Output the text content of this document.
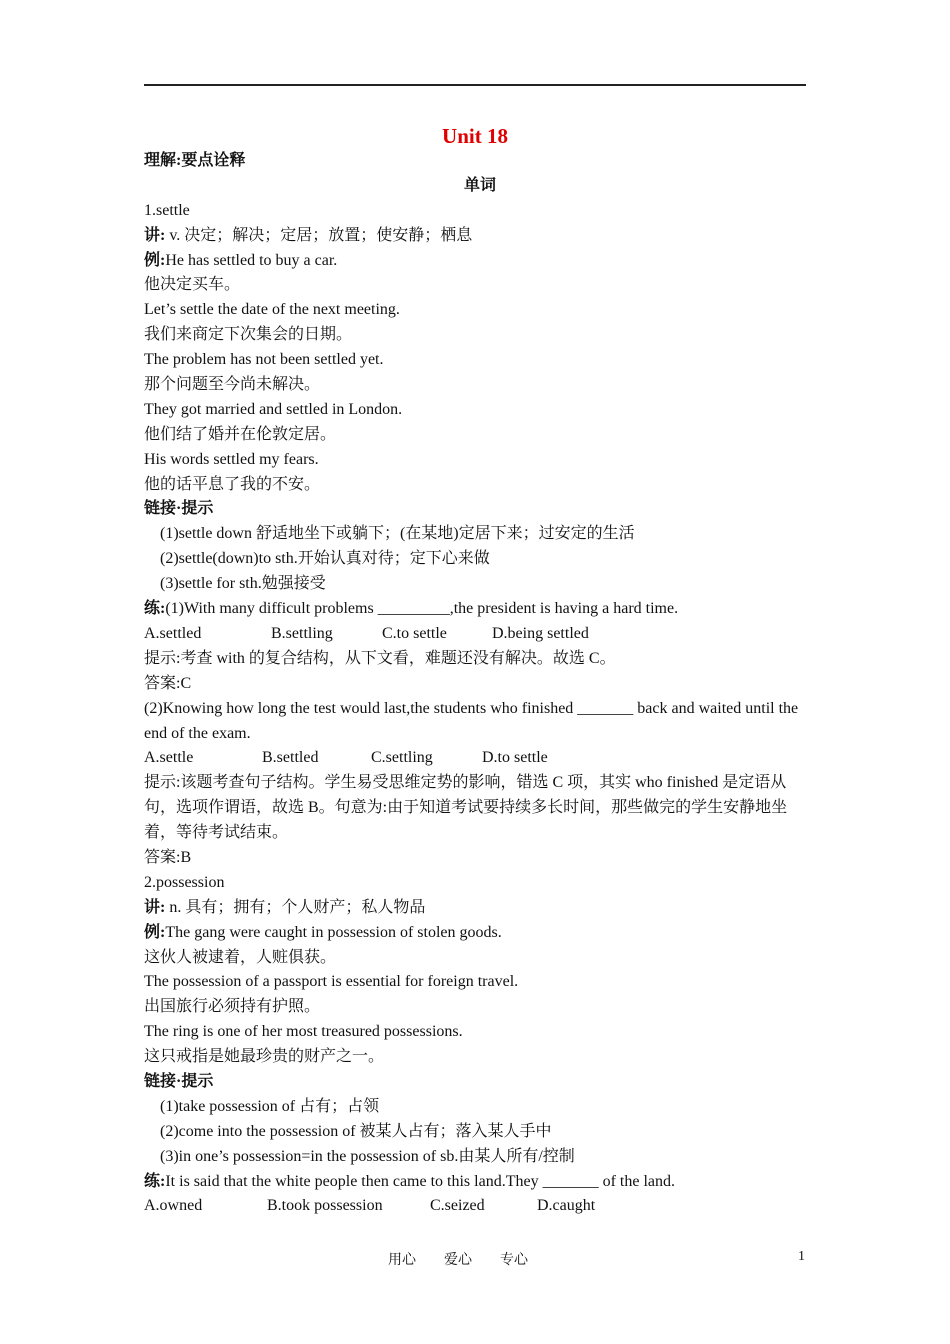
Unit 18
理解:要点诠释
单词
1.settle
讲: v. 决定；解决；定居；放置；使安静；栖息
例:He has settled to buy a car.
他决定买车。
Let’s settle the date of the next meeting.
我们来商定下次集会的日期。
The problem has not been settled yet.
那个问题至今尚未解决。
They got married and settled in London.
他们结了婚并在伦敦定居。
His words settled my fears.
他的话平息了我的不安。
链接·提示
(1)settle down 舒适地坐下或躺下；(在某地)定居下来；过安定的生活
(2)settle(down)to sth.开始认真对待；定下心来做
(3)settle for sth.勉强接受
练:(1)With many difficult problems _________,the president is having a hard time.
A.settled	B.settling	C.to settle	D.being settled
提示:考查 with 的复合结构，从下文看，难题还没有解决。故选 C。
答案:C
(2)Knowing how long the test would last,the students who finished _______ back and waited until the end of the exam.
A.settle	B.settled	C.settling	D.to settle
提示:该题考查句子结构。学生易受思维定势的影响，错选 C 项，其实 who finished 是定语从句，选项作谓语，故选 B。句意为:由于知道考试要持续多长时间，那些做完的学生安静地坐着，等待考试结束。
答案:B
2.possession
讲: n. 具有；拥有；个人财产；私人物品
例:The gang were caught in possession of stolen goods.
这伙人被逮着，人赃俱获。
The possession of a passport is essential for foreign travel.
出国旅行必须持有护照。
The ring is one of her most treasured possessions.
这只戒指是她最珍贵的财产之一。
链接·提示
(1)take possession of 占有；占领
(2)come into the possession of 被某人占有；落入某人手中
(3)in one’s possession=in the possession of sb.由某人所有/控制
练:It is said that the white people then came to this land.They _______ of the land.
A.owned	B.took possession	C.seized	D.caught
用心　　爱心　　专心	1
